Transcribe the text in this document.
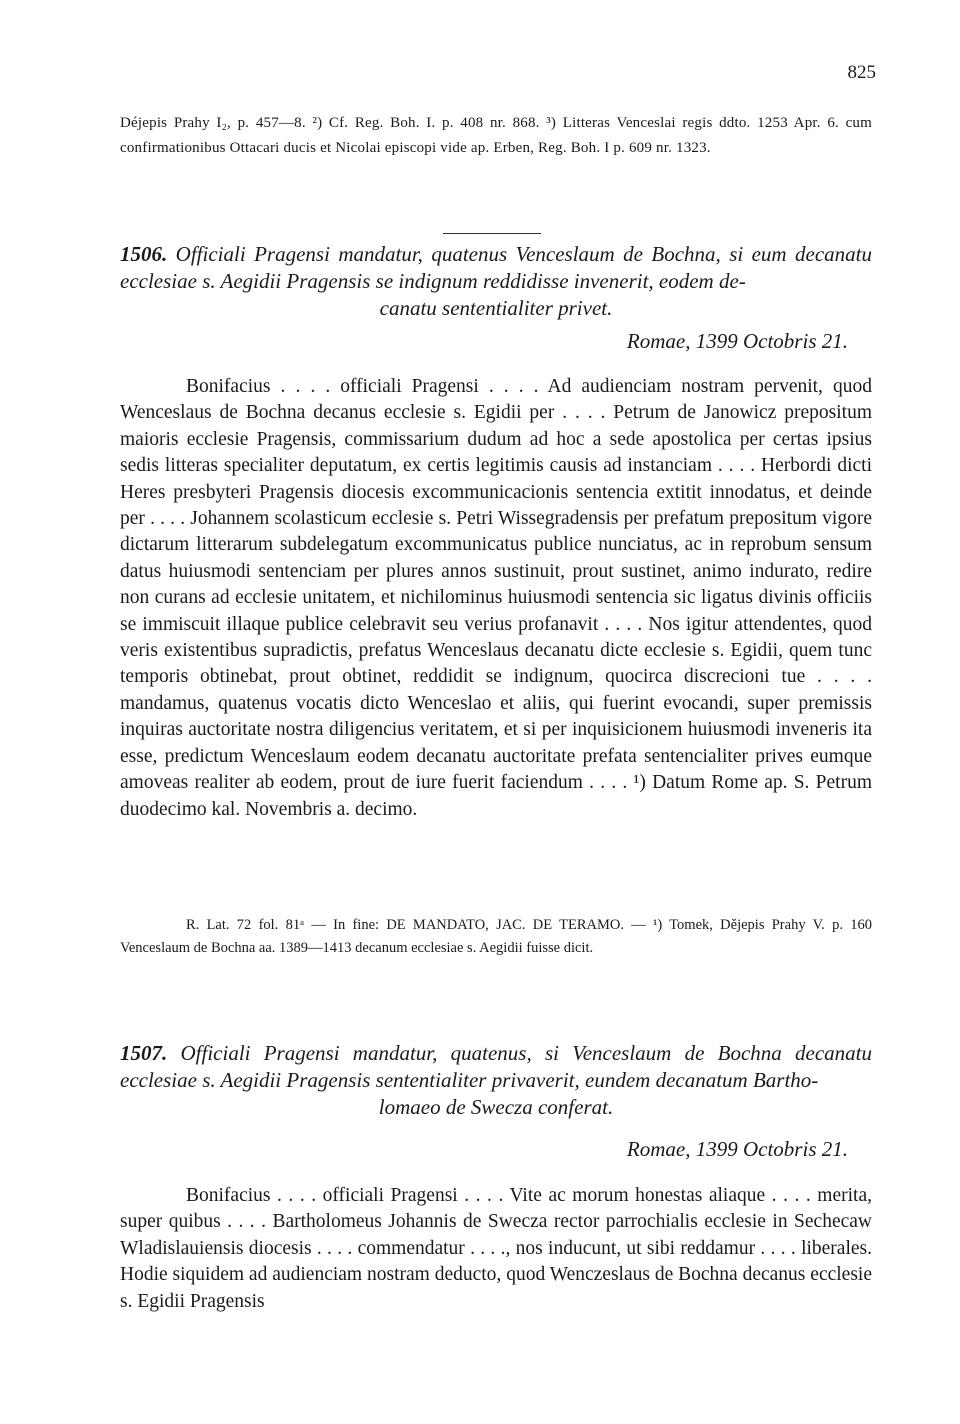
825
Déjepis Prahy I₂, p. 457—8. ²) Cf. Reg. Boh. I. p. 408 nr. 868. ³) Litteras Venceslai regis ddto. 1253 Apr. 6. cum confirmationibus Ottacari ducis et Nicolai episcopi vide ap. Erben, Reg. Boh. I p. 609 nr. 1323.
1506. Officiali Pragensi mandatur, quatenus Venceslaum de Bochna, si eum decanatu ecclesiae s. Aegidii Pragensis se indignum reddidisse invenerit, eodem de-
canatu sententialiter privet.
Romae, 1399 Octobris 21.

Bonifacius . . . . officiali Pragensi . . . . Ad audienciam nostram pervenit, quod Wenceslaus de Bochna decanus ecclesie s. Egidii per . . . . Petrum de Janowicz prepositum maioris ecclesie Pragensis, commissarium dudum ad hoc a sede apostolica per certas ipsius sedis litteras specialiter deputatum, ex certis legitimis causis ad instanciam . . . . Herbordi dicti Heres presbyteri Pragensis diocesis excommunicacionis sentencia extitit innodatus, et deinde per . . . . Johannem scolasticum ecclesie s. Petri Wissegradensis per prefatum prepositum vigore dictarum litterarum subdelegatum excommunicatus publice nunciatus, ac in reprobum sensum datus huiusmodi sentenciam per plures annos sustinuit, prout sustinet, animo indurato, redire non curans ad ecclesie unitatem, et nichilominus huiusmodi sentencia sic ligatus divinis officiis se immiscuit illaque publice celebravit seu verius profanavit . . . . Nos igitur attendentes, quod veris existentibus supradictis, prefatus Wenceslaus decanatu dicte ecclesie s. Egidii, quem tunc temporis obtinebat, prout obtinet, reddidit se indignum, quocirca discrecioni tue . . . . mandamus, quatenus vocatis dicto Wenceslao et aliis, qui fuerint evocandi, super premissis inquiras auctoritate nostra diligencius veritatem, et si per inquisicionem huiusmodi inveneris ita esse, predictum Wenceslaum eodem decanatu auctoritate prefata sentencialiter prives eumque amoveas realiter ab eodem, prout de iure fuerit faciendum . . . . ¹) Datum Rome ap. S. Petrum duodecimo kal. Novembris a. decimo.

R. Lat. 72 fol. 81ᵃ — In fine: DE MANDATO, JAC. DE TERAMO. — ¹) Tomek, Dějepis Prahy V. p. 160 Venceslaum de Bochna aa. 1389—1413 decanum ecclesiae s. Aegidii fuisse dicit.

1507. Officiali Pragensi mandatur, quatenus, si Venceslaum de Bochna decanatu ecclesiae s. Aegidii Pragensis sententialiter privaverit, eundem decanatum Bartho-
lomaeo de Swecza conferat.
Romae, 1399 Octobris 21.

Bonifacius . . . . officiali Pragensi . . . . Vite ac morum honestas aliaque . . . . merita, super quibus . . . . Bartholomeus Johannis de Swecza rector parrochialis ecclesie in Sechecaw Wladislauiensis diocesis . . . . commendatur . . . ., nos inducunt, ut sibi reddamur . . . . liberales. Hodie siquidem ad audienciam nostram deducto, quod Wenczeslaus de Bochna decanus ecclesie s. Egidii Pragensis
